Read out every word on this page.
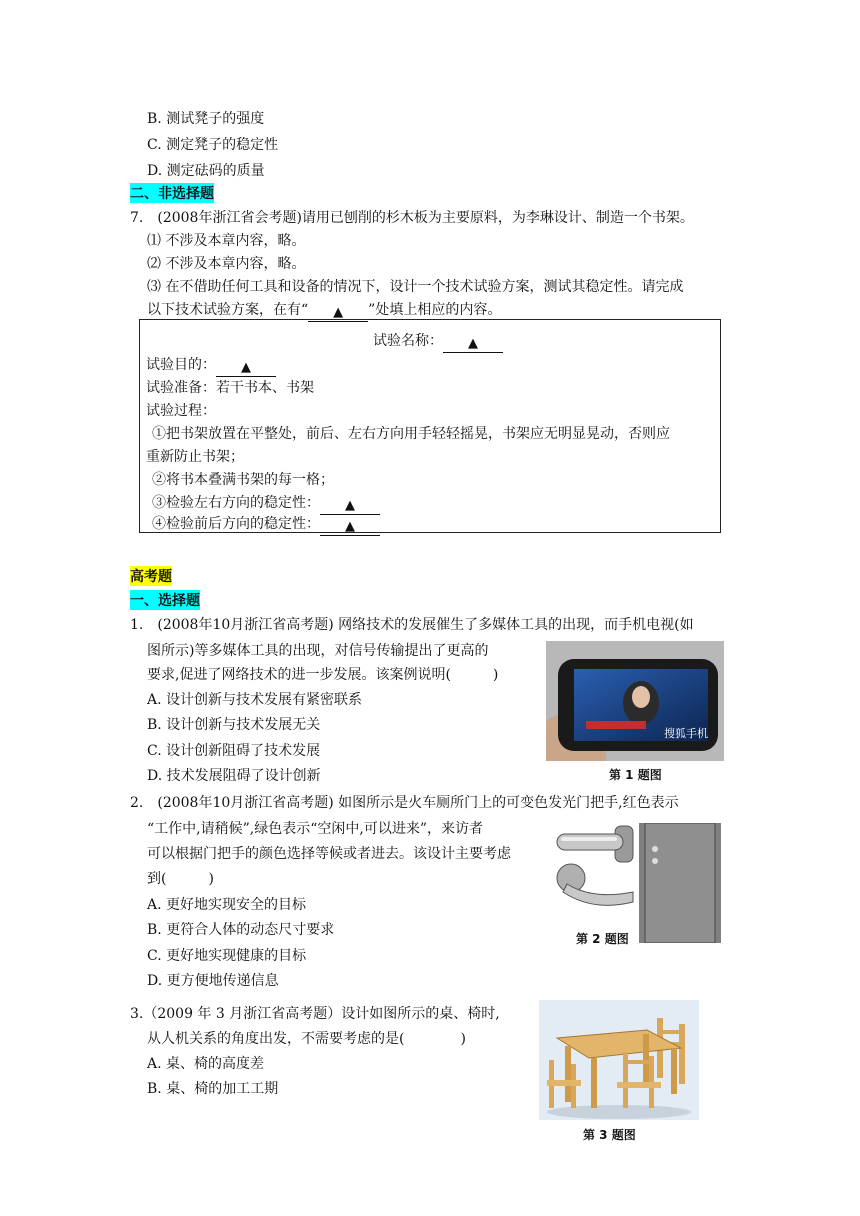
B. 测试凳子的强度
C. 测定凳子的稳定性
D. 测定砝码的质量
二、非选择题
7.　(2008年浙江省会考题)请用已刨削的杉木板为主要原料，为李琳设计、制造一个书架。
⑴ 不涉及本章内容，略。
⑵ 不涉及本章内容，略。
⑶ 在不借助任何工具和设备的情况下，设计一个技术试验方案，测试其稳定性。请完成
以下技术试验方案，在有“ ▲ ”处填上相应的内容。
试验名称： ▲
试验目的： ▲
试验准备：若干书本、书架
试验过程：
①把书架放置在平整处，前后、左右方向用手轻轻摇晃，书架应无明显晃动，否则应
重新防止书架；
②将书本叠满书架的每一格；
③检验左右方向的稳定性： ▲
④检验前后方向的稳定性： ▲
高考题
一、选择题
1.　(2008年10月浙江省高考题) 网络技术的发展催生了多媒体工具的出现，而手机电视(如
图所示)等多媒体工具的出现，对信号传输提出了更高的
要求,促进了网络技术的进一步发展。该案例说明(　　　)
A. 设计创新与技术发展有紧密联系
B. 设计创新与技术发展无关
C. 设计创新阻碍了技术发展
D. 技术发展阻碍了设计创新
搜狐手机
第 1 题图
2.　(2008年10月浙江省高考题) 如图所示是火车厕所门上的可变色发光门把手,红色表示
“工作中,请稍候”,绿色表示“空闲中,可以进来”，来访者
可以根据门把手的颜色选择等候或者进去。该设计主要考虑
到(　　　)
A. 更好地实现安全的目标
B. 更符合人体的动态尺寸要求
C. 更好地实现健康的目标
D. 更方便地传递信息
第 2 题图
3.（2009 年 3 月浙江省高考题）设计如图所示的桌、椅时,
从人机关系的角度出发，不需要考虑的是(　　　　)
A. 桌、椅的高度差
B. 桌、椅的加工工期
第 3 题图
